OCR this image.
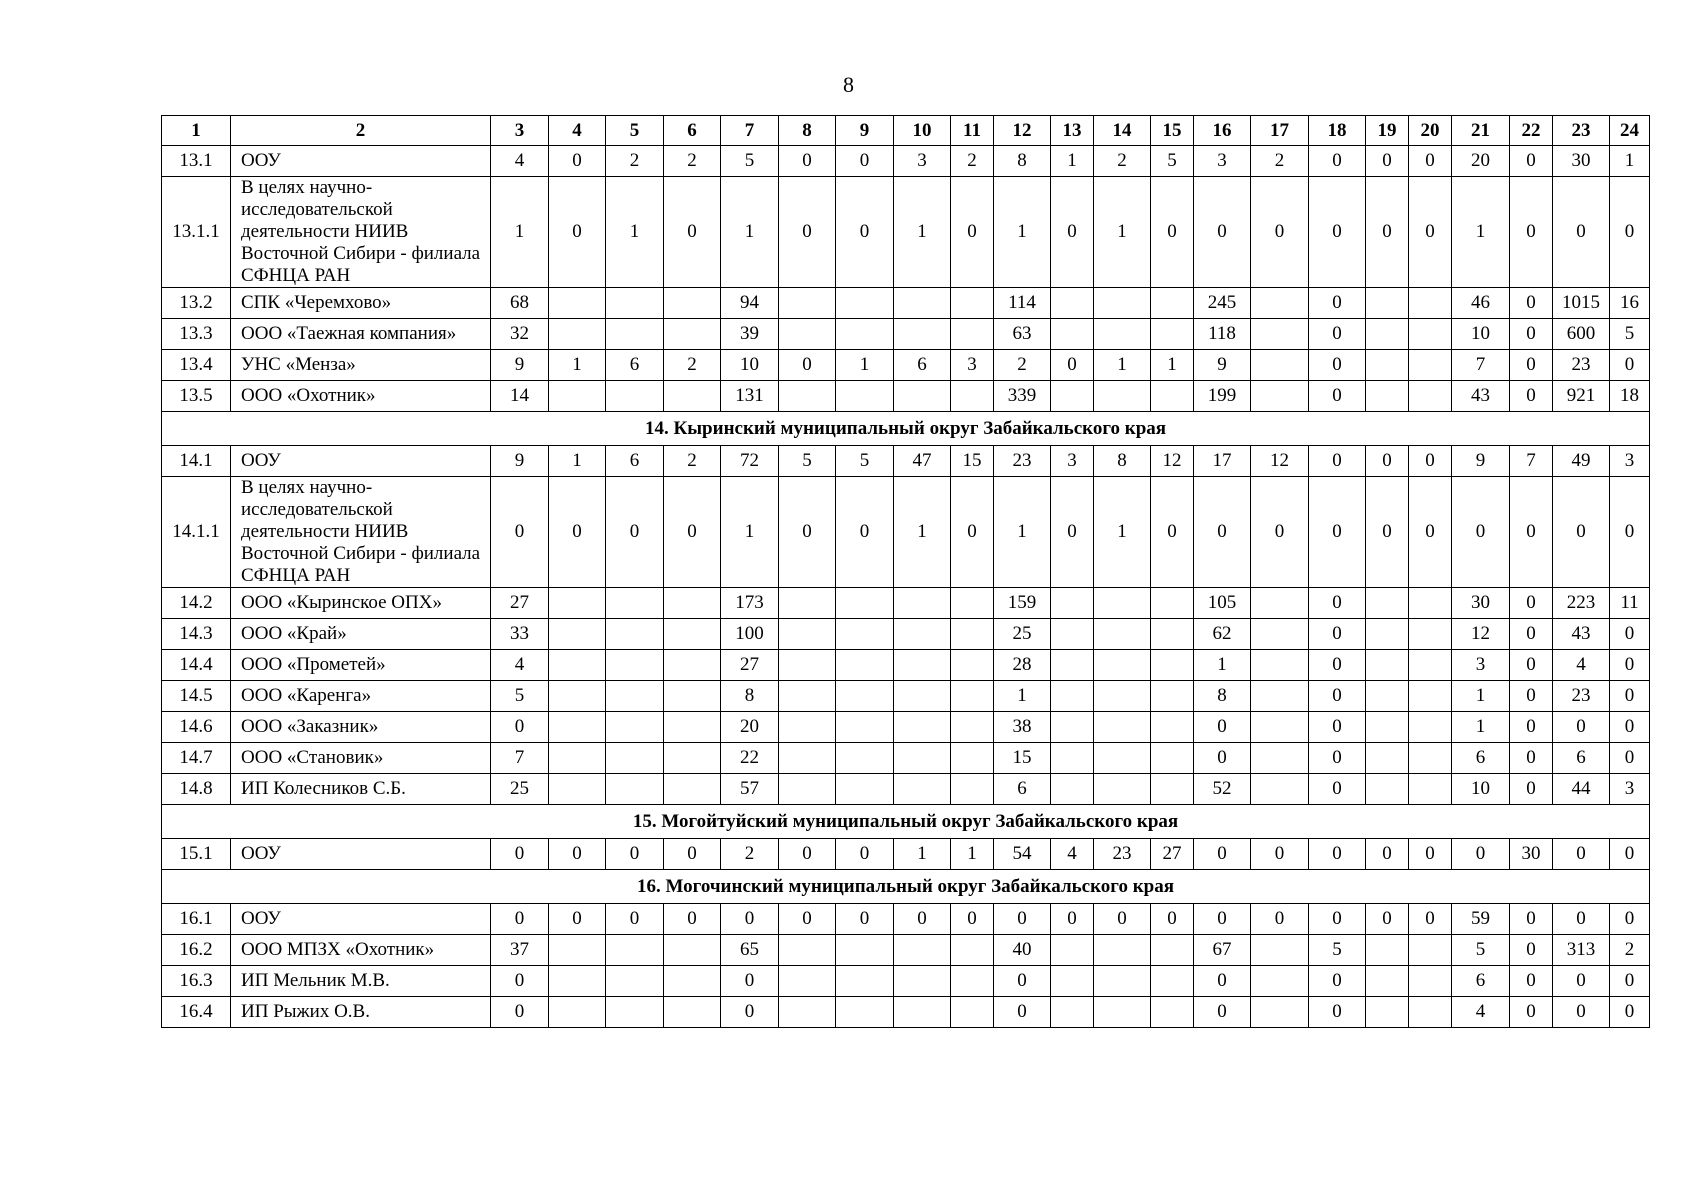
8
1	2	3	4	5	6	7	8	9	10	11	12	13	14	15	16	17	18	19	20	21	22	23	24
13.1	ООУ	4	0	2	2	5	0	0	3	2	8	1	2	5	3	2	0	0	0	20	0	30	1
13.1.1	В целях научно-исследовательской деятельности НИИВ Восточной Сибири - филиала СФНЦА РАН	1	0	1	0	1	0	0	1	0	1	0	1	0	0	0	0	0	0	1	0	0	0
13.2	СПК «Черемхово»	68				94					114				245		0			46	0	1015	16
13.3	ООО «Таежная компания»	32				39					63				118		0			10	0	600	5
13.4	УНС «Менза»	9	1	6	2	10	0	1	6	3	2	0	1	1	9		0			7	0	23	0
13.5	ООО «Охотник»	14				131					339				199		0			43	0	921	18
14. Кыринский муниципальный округ Забайкальского края																							
14.1	ООУ	9	1	6	2	72	5	5	47	15	23	3	8	12	17	12	0	0	0	9	7	49	3
14.1.1	В целях научно-исследовательской деятельности НИИВ Восточной Сибири - филиала СФНЦА РАН	0	0	0	0	1	0	0	1	0	1	0	1	0	0	0	0	0	0	0	0	0	0
14.2	ООО «Кыринское ОПХ»	27				173					159				105		0			30	0	223	11
14.3	ООО «Край»	33				100					25				62		0			12	0	43	0
14.4	ООО «Прометей»	4				27					28				1		0			3	0	4	0
14.5	ООО «Каренга»	5				8					1				8		0			1	0	23	0
14.6	ООО «Заказник»	0				20					38				0		0			1	0	0	0
14.7	ООО «Становик»	7				22					15				0		0			6	0	6	0
14.8	ИП Колесников С.Б.	25				57					6				52		0			10	0	44	3
15. Могойтуйский муниципальный округ Забайкальского края																							
15.1	ООУ	0	0	0	0	2	0	0	1	1	54	4	23	27	0	0	0	0	0	0	30	0	0
16. Могочинский муниципальный округ Забайкальского края																							
16.1	ООУ	0	0	0	0	0	0	0	0	0	0	0	0	0	0	0	0	0	0	59	0	0	0
16.2	ООО МПЗХ «Охотник»	37				65					40				67		5			5	0	313	2
16.3	ИП Мельник М.В.	0				0					0				0		0			6	0	0	0
16.4	ИП Рыжих О.В.	0				0					0				0		0			4	0	0	0
